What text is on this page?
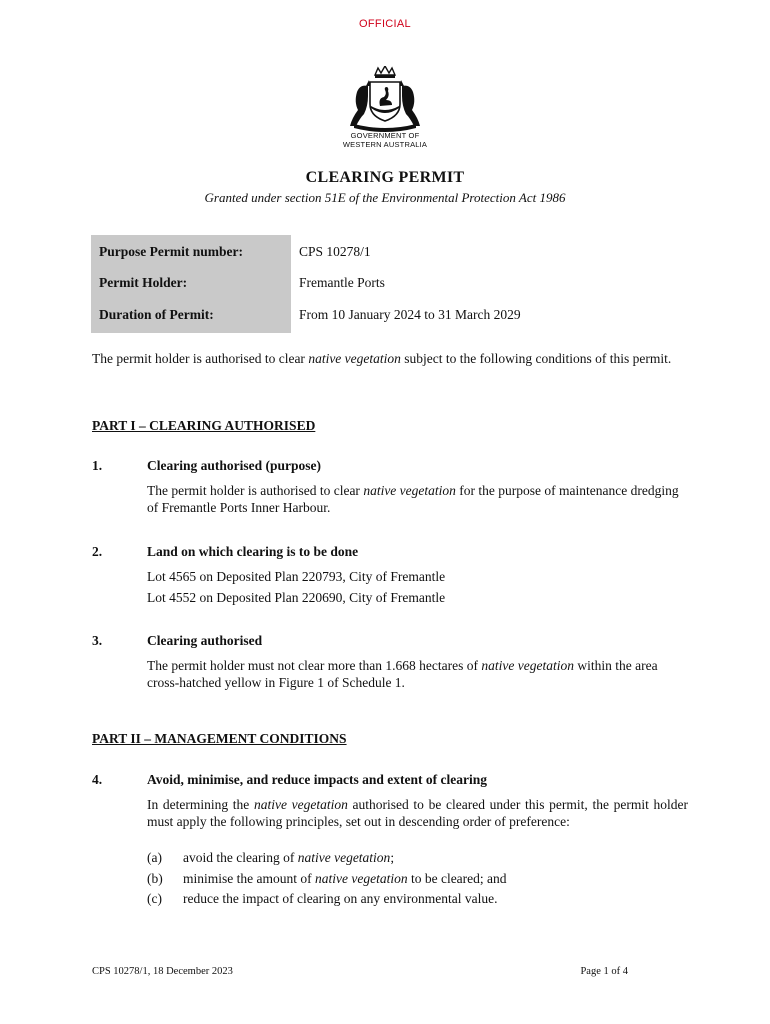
OFFICIAL
GOVERNMENT OF
WESTERN AUSTRALIA
CLEARING PERMIT
Granted under section 51E of the Environmental Protection Act 1986
Purpose Permit number:	CPS 10278/1
Permit Holder:	Fremantle Ports
Duration of Permit:	From 10 January 2024 to 31 March 2029
The permit holder is authorised to clear native vegetation subject to the following conditions of this permit.
PART I – CLEARING AUTHORISED
1.	Clearing authorised (purpose)
The permit holder is authorised to clear native vegetation for the purpose of maintenance dredging of Fremantle Ports Inner Harbour.
2.	Land on which clearing is to be done
Lot 4565 on Deposited Plan 220793, City of Fremantle
Lot 4552 on Deposited Plan 220690, City of Fremantle
3.	Clearing authorised
The permit holder must not clear more than 1.668 hectares of native vegetation within the area cross-hatched yellow in Figure 1 of Schedule 1.
PART II – MANAGEMENT CONDITIONS
4.	Avoid, minimise, and reduce impacts and extent of clearing
In determining the native vegetation authorised to be cleared under this permit, the permit holder must apply the following principles, set out in descending order of preference:
(a) avoid the clearing of native vegetation;
(b) minimise the amount of native vegetation to be cleared; and
(c) reduce the impact of clearing on any environmental value.
CPS 10278/1, 18 December 2023	Page 1 of 4
